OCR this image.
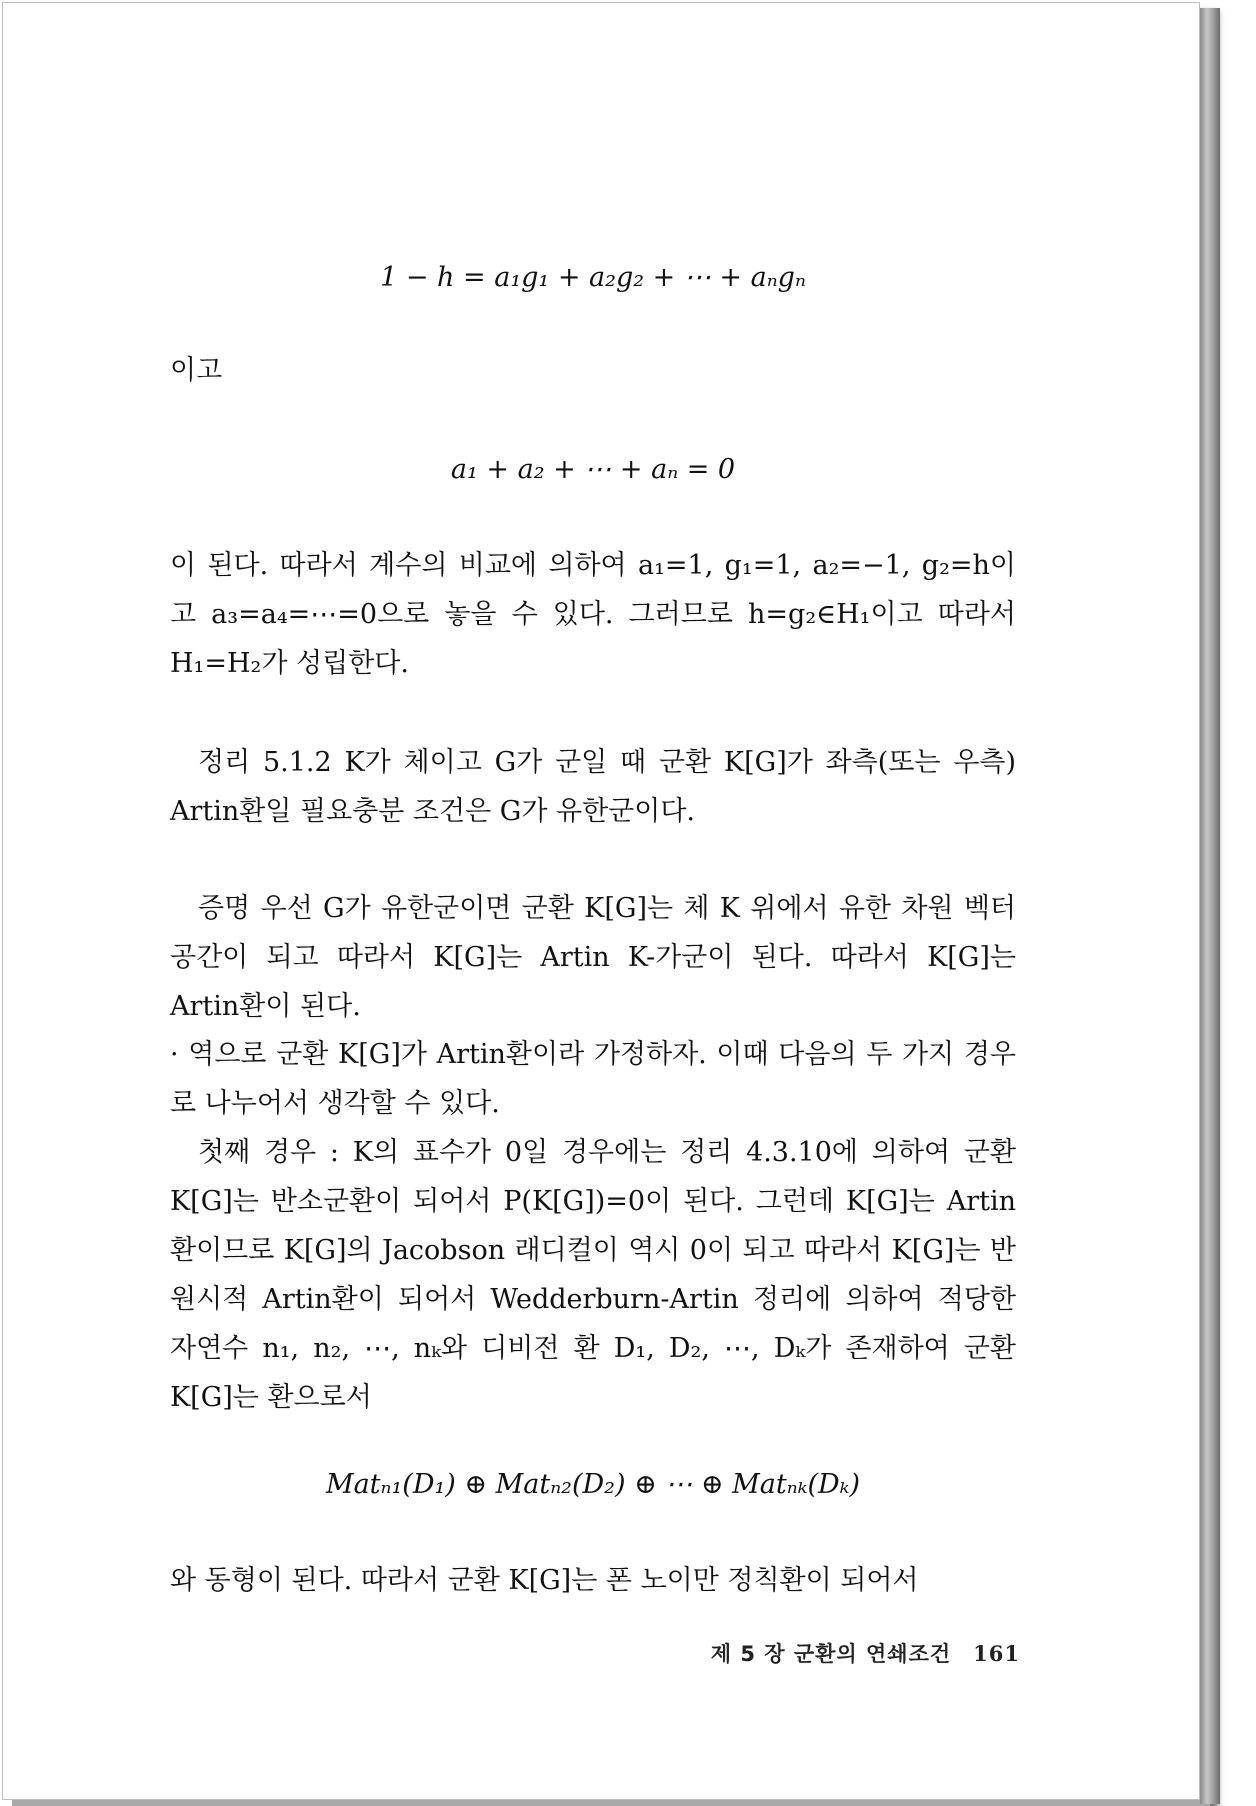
1 − h = a₁g₁ + a₂g₂ + ⋯ + aₙgₙ

이고

a₁ + a₂ + ⋯ + aₙ = 0

이 된다. 따라서 계수의 비교에 의하여 a₁=1, g₁=1, a₂=−1, g₂=h이고 a₃=a₄=⋯=0으로 놓을 수 있다. 그러므로 h=g₂∈H₁이고 따라서 H₁=H₂가 성립한다.

정리 5.1.2 K가 체이고 G가 군일 때 군환 K[G]가 좌측(또는 우측) Artin환일 필요충분 조건은 G가 유한군이다.

증명 우선 G가 유한군이면 군환 K[G]는 체 K 위에서 유한 차원 벡터공간이 되고 따라서 K[G]는 Artin K-가군이 된다. 따라서 K[G]는 Artin환이 된다.

· 역으로 군환 K[G]가 Artin환이라 가정하자. 이때 다음의 두 가지 경우로 나누어서 생각할 수 있다.

첫째 경우 : K의 표수가 0일 경우에는 정리 4.3.10에 의하여 군환 K[G]는 반소군환이 되어서 P(K[G])=0이 된다. 그런데 K[G]는 Artin환이므로 K[G]의 Jacobson 래디컬이 역시 0이 되고 따라서 K[G]는 반원시적 Artin환이 되어서 Wedderburn-Artin 정리에 의하여 적당한 자연수 n₁, n₂, ⋯, nₖ와 디비전 환 D₁, D₂, ⋯, Dₖ가 존재하여 군환 K[G]는 환으로서

Matₙ₁(D₁) ⊕ Matₙ₂(D₂) ⊕ ⋯ ⊕ Matₙₖ(Dₖ)

와 동형이 된다. 따라서 군환 K[G]는 폰 노이만 정칙환이 되어서

제 5 장 군환의 연쇄조건 161
